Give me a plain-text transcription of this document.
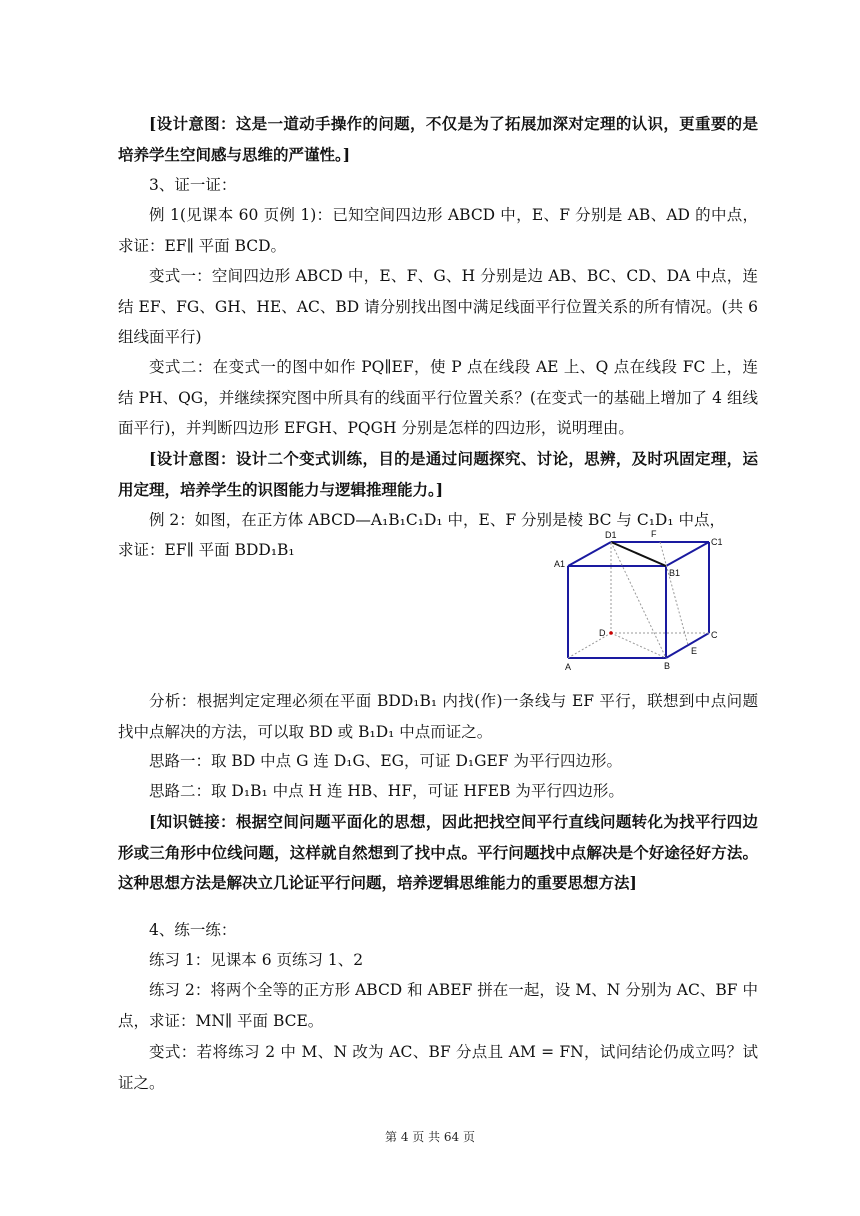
[设计意图：这是一道动手操作的问题，不仅是为了拓展加深对定理的认识，更重要的是培养学生空间感与思维的严谨性。]

3、证一证：

例 1(见课本 60 页例 1)：已知空间四边形 ABCD 中，E、F 分别是 AB、AD 的中点，求证：EF∥ 平面 BCD。

变式一：空间四边形 ABCD 中，E、F、G、H 分别是边 AB、BC、CD、DA 中点，连结 EF、FG、GH、HE、AC、BD 请分别找出图中满足线面平行位置关系的所有情况。(共 6 组线面平行)

变式二：在变式一的图中如作 PQ∥EF，使 P 点在线段 AE 上、Q 点在线段 FC 上，连结 PH、QG，并继续探究图中所具有的线面平行位置关系？(在变式一的基础上增加了 4 组线面平行)，并判断四边形 EFGH、PQGH 分别是怎样的四边形，说明理由。

[设计意图：设计二个变式训练，目的是通过问题探究、讨论，思辨，及时巩固定理，运用定理，培养学生的识图能力与逻辑推理能力。]

例 2：如图，在正方体 ABCD—A₁B₁C₁D₁ 中，E、F 分别是棱 BC 与 C₁D₁ 中点，

求证：EF∥ 平面 BDD₁B₁

D1	F
C1
A1
B1
D	C
E
A	B

分析：根据判定定理必须在平面 BDD₁B₁ 内找(作)一条线与 EF 平行，联想到中点问题找中点解决的方法，可以取 BD 或 B₁D₁ 中点而证之。

思路一：取 BD 中点 G 连 D₁G、EG，可证 D₁GEF 为平行四边形。

思路二：取 D₁B₁ 中点 H 连 HB、HF，可证 HFEB 为平行四边形。

[知识链接：根据空间问题平面化的思想，因此把找空间平行直线问题转化为找平行四边形或三角形中位线问题，这样就自然想到了找中点。平行问题找中点解决是个好途径好方法。这种思想方法是解决立几论证平行问题，培养逻辑思维能力的重要思想方法]

4、练一练：

练习 1：见课本 6 页练习 1、2

练习 2：将两个全等的正方形 ABCD 和 ABEF 拼在一起，设 M、N 分别为 AC、BF 中点，求证：MN∥ 平面 BCE。

变式：若将练习 2 中 M、N 改为 AC、BF 分点且 AM = FN，试问结论仍成立吗？试证之。

第 4 页 共 64 页
